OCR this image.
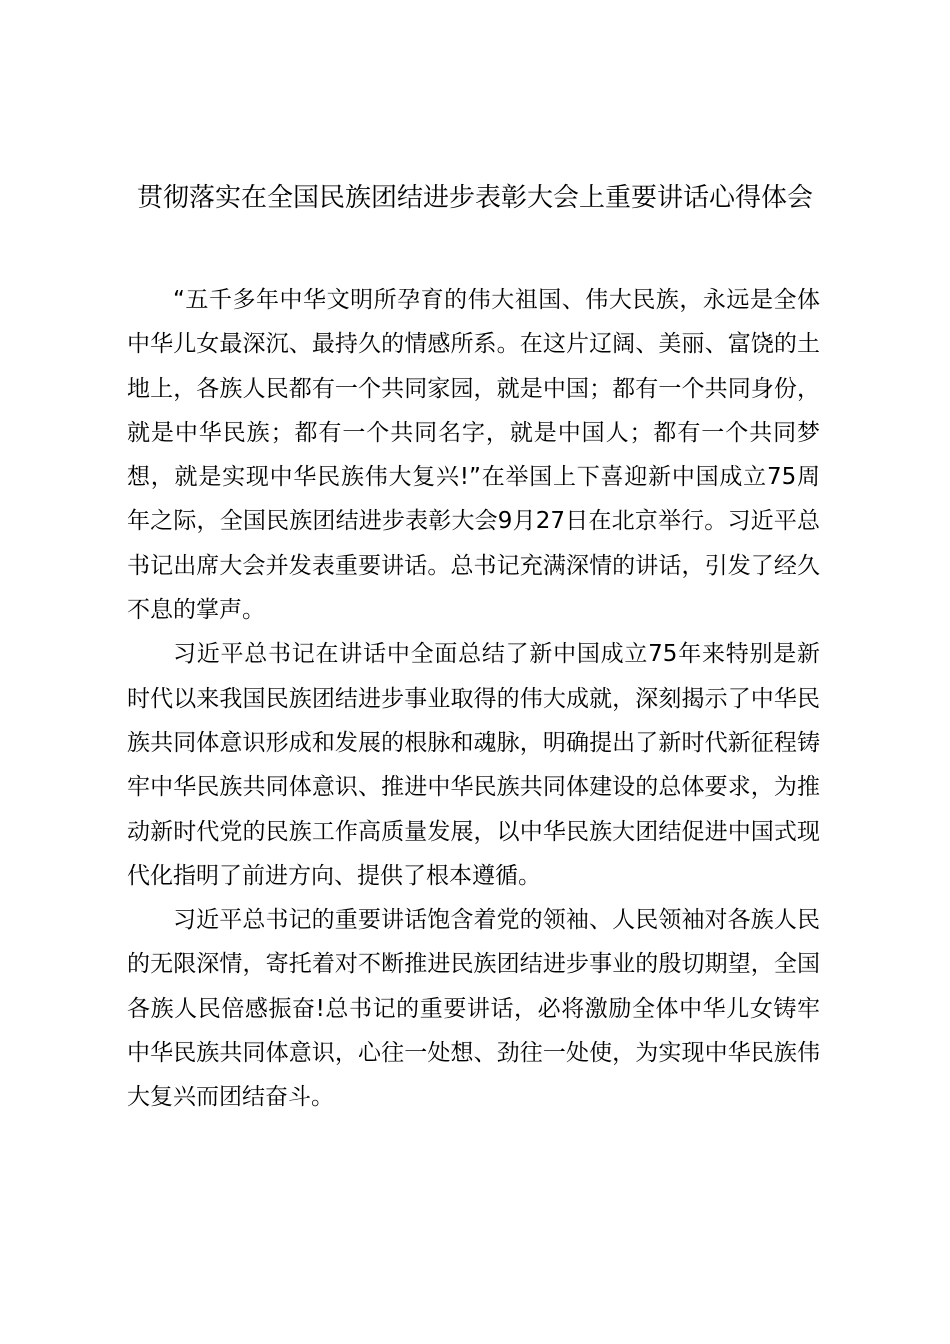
贯彻落实在全国民族团结进步表彰大会上重要讲话心得体会

“五千多年中华文明所孕育的伟大祖国、伟大民族，永远是全体中华儿女最深沉、最持久的情感所系。在这片辽阔、美丽、富饶的土地上，各族人民都有一个共同家园，就是中国；都有一个共同身份，就是中华民族；都有一个共同名字，就是中国人；都有一个共同梦想，就是实现中华民族伟大复兴!”在举国上下喜迎新中国成立75周年之际，全国民族团结进步表彰大会9月27日在北京举行。习近平总书记出席大会并发表重要讲话。总书记充满深情的讲话，引发了经久不息的掌声。

习近平总书记在讲话中全面总结了新中国成立75年来特别是新时代以来我国民族团结进步事业取得的伟大成就，深刻揭示了中华民族共同体意识形成和发展的根脉和魂脉，明确提出了新时代新征程铸牢中华民族共同体意识、推进中华民族共同体建设的总体要求，为推动新时代党的民族工作高质量发展，以中华民族大团结促进中国式现代化指明了前进方向、提供了根本遵循。

习近平总书记的重要讲话饱含着党的领袖、人民领袖对各族人民的无限深情，寄托着对不断推进民族团结进步事业的殷切期望，全国各族人民倍感振奋!总书记的重要讲话，必将激励全体中华儿女铸牢中华民族共同体意识，心往一处想、劲往一处使，为实现中华民族伟大复兴而团结奋斗。
